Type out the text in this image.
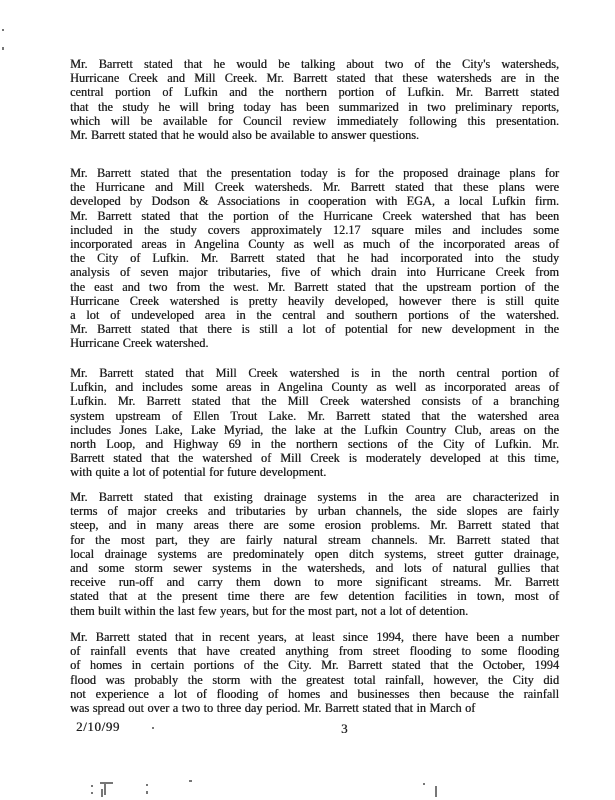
Mr. Barrett stated that he would be talking about two of the City's watersheds,
Hurricane Creek and Mill Creek. Mr. Barrett stated that these watersheds are in the
central portion of Lufkin and the northern portion of Lufkin. Mr. Barrett stated
that the study he will bring today has been summarized in two preliminary reports,
which will be available for Council review immediately following this presentation.
Mr. Barrett stated that he would also be available to answer questions.

Mr. Barrett stated that the presentation today is for the proposed drainage plans for
the Hurricane and Mill Creek watersheds. Mr. Barrett stated that these plans were
developed by Dodson & Associations in cooperation with EGA, a local Lufkin firm.
Mr. Barrett stated that the portion of the Hurricane Creek watershed that has been
included in the study covers approximately 12.17 square miles and includes some
incorporated areas in Angelina County as well as much of the incorporated areas of
the City of Lufkin. Mr. Barrett stated that he had incorporated into the study
analysis of seven major tributaries, five of which drain into Hurricane Creek from
the east and two from the west. Mr. Barrett stated that the upstream portion of the
Hurricane Creek watershed is pretty heavily developed, however there is still quite
a lot of undeveloped area in the central and southern portions of the watershed.
Mr. Barrett stated that there is still a lot of potential for new development in the
Hurricane Creek watershed.

Mr. Barrett stated that Mill Creek watershed is in the north central portion of
Lufkin, and includes some areas in Angelina County as well as incorporated areas of
Lufkin. Mr. Barrett stated that the Mill Creek watershed consists of a branching
system upstream of Ellen Trout Lake. Mr. Barrett stated that the watershed area
includes Jones Lake, Lake Myriad, the lake at the Lufkin Country Club, areas on the
north Loop, and Highway 69 in the northern sections of the City of Lufkin. Mr.
Barrett stated that the watershed of Mill Creek is moderately developed at this time,
with quite a lot of potential for future development.

Mr. Barrett stated that existing drainage systems in the area are characterized in
terms of major creeks and tributaries by urban channels, the side slopes are fairly
steep, and in many areas there are some erosion problems. Mr. Barrett stated that
for the most part, they are fairly natural stream channels. Mr. Barrett stated that
local drainage systems are predominately open ditch systems, street gutter drainage,
and some storm sewer systems in the watersheds, and lots of natural gullies that
receive run-off and carry them down to more significant streams. Mr. Barrett
stated that at the present time there are few detention facilities in town, most of
them built within the last few years, but for the most part, not a lot of detention.

Mr. Barrett stated that in recent years, at least since 1994, there have been a number
of rainfall events that have created anything from street flooding to some flooding
of homes in certain portions of the City. Mr. Barrett stated that the October, 1994
flood was probably the storm with the greatest total rainfall, however, the City did
not experience a lot of flooding of homes and businesses then because the rainfall
was spread out over a two to three day period. Mr. Barrett stated that in March of

2/10/99	3
